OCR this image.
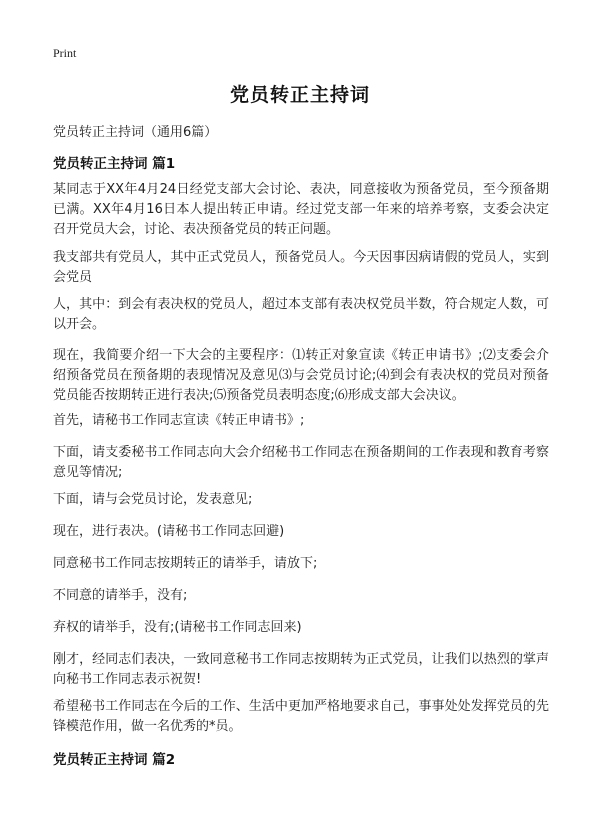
Print
党员转正主持词
党员转正主持词（通用6篇）
党员转正主持词 篇1
某同志于XX年4月24日经党支部大会讨论、表决，同意接收为预备党员，至今预备期已满。XX年4月16日本人提出转正申请。经过党支部一年来的培养考察，支委会决定召开党员大会，讨论、表决预备党员的转正问题。
我支部共有党员人，其中正式党员人，预备党员人。今天因事因病请假的党员人，实到会党员
人，其中：到会有表决权的党员人，超过本支部有表决权党员半数，符合规定人数，可以开会。
现在，我简要介绍一下大会的主要程序：⑴转正对象宣读《转正申请书》;⑵支委会介绍预备党员在预备期的表现情况及意见⑶与会党员讨论;⑷到会有表决权的党员对预备党员能否按期转正进行表决;⑸预备党员表明态度;⑹形成支部大会决议。
首先，请秘书工作同志宣读《转正申请书》;
下面，请支委秘书工作同志向大会介绍秘书工作同志在预备期间的工作表现和教育考察意见等情况;
下面，请与会党员讨论，发表意见;
现在，进行表决。(请秘书工作同志回避)
同意秘书工作同志按期转正的请举手，请放下;
不同意的请举手，没有;
弃权的请举手，没有;(请秘书工作同志回来)
刚才，经同志们表决，一致同意秘书工作同志按期转为正式党员，让我们以热烈的掌声向秘书工作同志表示祝贺!
希望秘书工作同志在今后的工作、生活中更加严格地要求自己，事事处处发挥党员的先锋模范作用，做一名优秀的*员。
党员转正主持词 篇2
